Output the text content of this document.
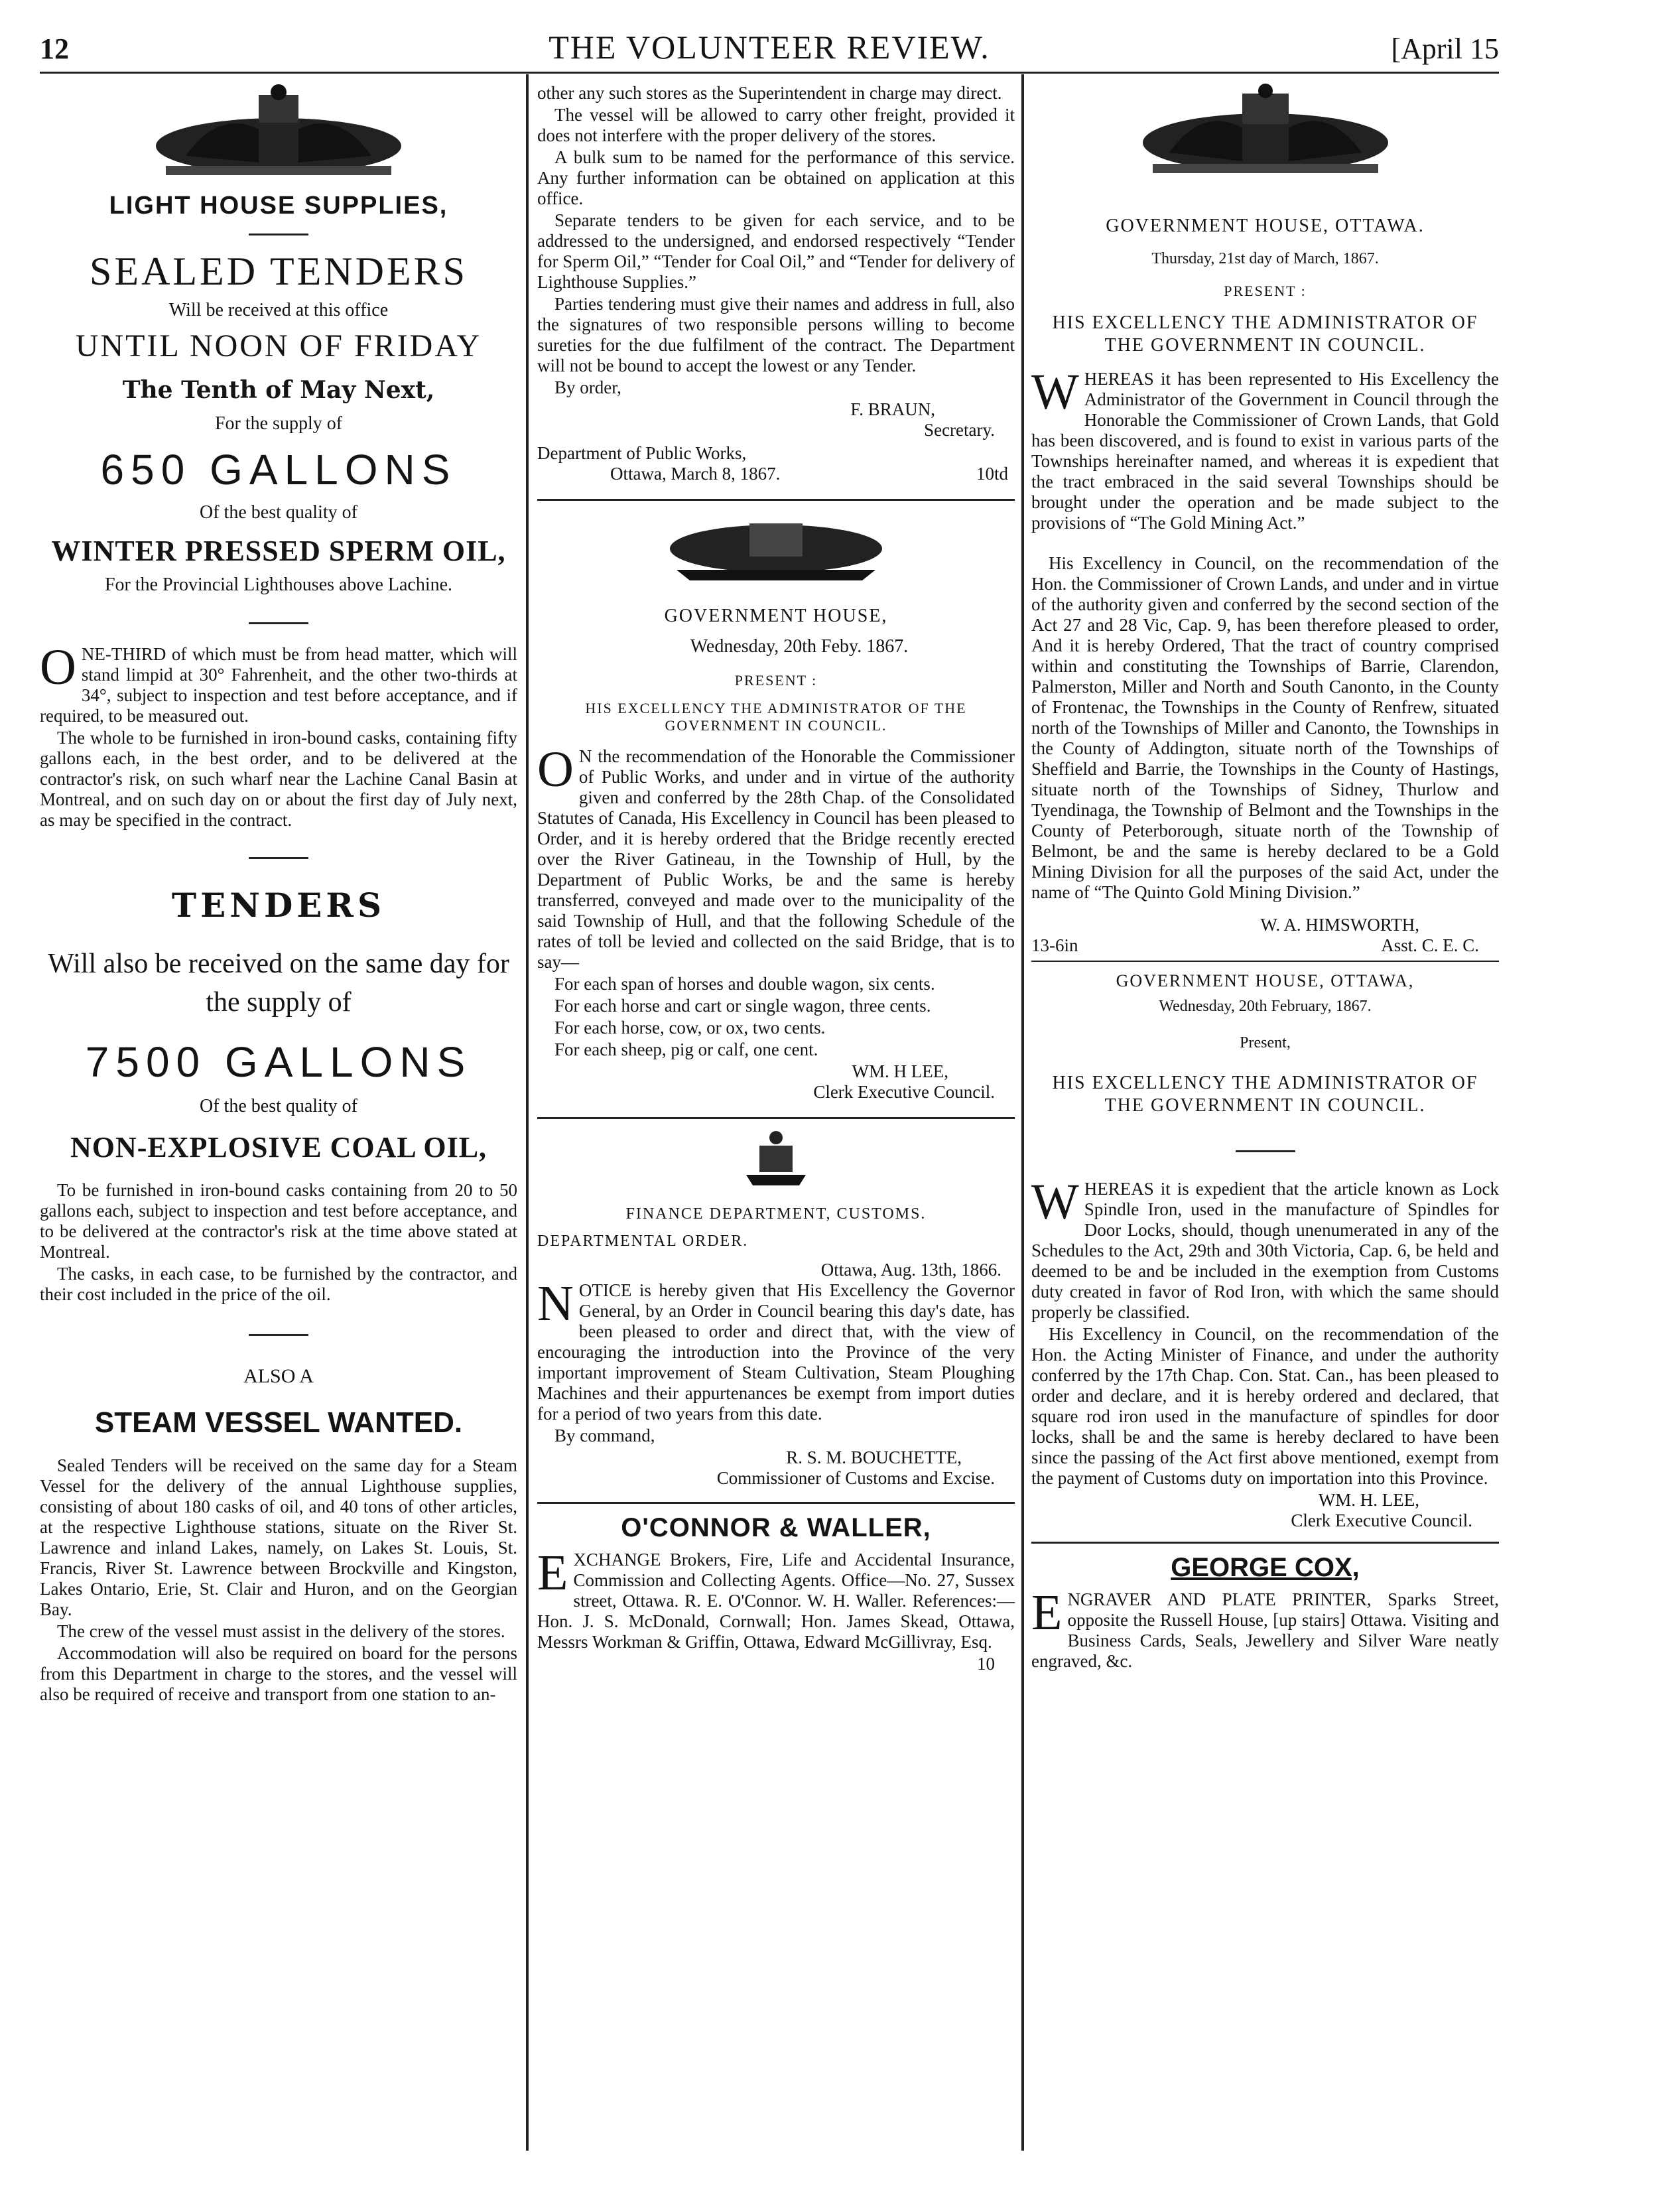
12	THE VOLUNTEER REVIEW.	[April 15
LIGHT HOUSE SUPPLIES,
SEALED TENDERS
Will be received at this office
UNTIL NOON OF FRIDAY
The Tenth of May Next,
For the supply of
650 GALLONS
Of the best quality of
WINTER PRESSED SPERM OIL,
For the Provincial Lighthouses above Lachine.

ONE-THIRD of which must be from head matter, which will stand limpid at 30° Fahrenheit, and the other two-thirds at 34°, subject to inspection and test before acceptance, and if required, to be measured out.

The whole to be furnished in iron-bound casks, containing fifty gallons each, in the best order, and to be delivered at the contractor's risk, on such wharf near the Lachine Canal Basin at Montreal, and on such day on or about the first day of July next, as may be specified in the contract.

TENDERS
Will also be received on the same day for the supply of
7500 GALLONS
Of the best quality of
NON-EXPLOSIVE COAL OIL,

To be furnished in iron-bound casks containing from 20 to 50 gallons each, subject to inspection and test before acceptance, and to be delivered at the contractor's risk at the time above stated at Montreal.

The casks, in each case, to be furnished by the contractor, and their cost included in the price of the oil.

ALSO A
STEAM VESSEL WANTED.

Sealed Tenders will be received on the same day for a Steam Vessel for the delivery of the annual Lighthouse supplies, consisting of about 180 casks of oil, and 40 tons of other articles, at the respective Lighthouse stations, situate on the River St. Lawrence and inland Lakes, namely, on Lakes St. Louis, St. Francis, River St. Lawrence between Brockville and Kingston, Lakes Ontario, Erie, St. Clair and Huron, and on the Georgian Bay.

The crew of the vessel must assist in the delivery of the stores.

Accommodation will also be required on board for the persons from this Department in charge to the stores, and the vessel will also be required of receive and transport from one station to an-

other any such stores as the Superintendent in charge may direct.

The vessel will be allowed to carry other freight, provided it does not interfere with the proper delivery of the stores.

A bulk sum to be named for the performance of this service. Any further information can be obtained on application at this office.

Separate tenders to be given for each service, and to be addressed to the undersigned, and endorsed respectively “Tender for Sperm Oil,” “Tender for Coal Oil,” and “Tender for delivery of Lighthouse Supplies.”

Parties tendering must give their names and address in full, also the signatures of two responsible persons willing to become sureties for the due fulfilment of the contract. The Department will not be bound to accept the lowest or any Tender.

By order,

F. BRAUN,
Secretary.
Department of Public Works,
Ottawa, March 8, 1867.	10td
GOVERNMENT HOUSE,
Wednesday, 20th Feby. 1867.
PRESENT :
HIS EXCELLENCY THE ADMINISTRATOR OF THE GOVERNMENT IN COUNCIL.

O N the recommendation of the Honorable the Commissioner of Public Works, and under and in virtue of the authority given and conferred by the 28th Chap. of the Consolidated Statutes of Canada, His Excellency in Council has been pleased to Order, and it is hereby ordered that the Bridge recently erected over the River Gatineau, in the Township of Hull, by the Department of Public Works, be and the same is hereby transferred, conveyed and made over to the municipality of the said Township of Hull, and that the following Schedule of the rates of toll be levied and collected on the said Bridge, that is to say—

For each span of horses and double wagon, six cents.

For each horse and cart or single wagon, three cents.

For each horse, cow, or ox, two cents.

For each sheep, pig or calf, one cent.

WM. H LEE,
Clerk Executive Council.
FINANCE DEPARTMENT, CUSTOMS.
DEPARTMENTAL ORDER.
Ottawa, Aug. 13th, 1866.

NOTICE is hereby given that His Excellency the Governor General, by an Order in Council bearing this day's date, has been pleased to order and direct that, with the view of encouraging the introduction into the Province of the very important improvement of Steam Cultivation, Steam Ploughing Machines and their appurtenances be exempt from import duties for a period of two years from this date.

By command,

R. S. M. BOUCHETTE,
Commissioner of Customs and Excise.
O'CONNOR & WALLER,

EXCHANGE Brokers, Fire, Life and Accidental Insurance, Commission and Collecting Agents. Office—No. 27, Sussex street, Ottawa. R. E. O'Connor. W. H. Waller. References:—Hon. J. S. McDonald, Cornwall; Hon. James Skead, Ottawa, Messrs Workman & Griffin, Ottawa, Edward McGillivray, Esq.

10
GOVERNMENT HOUSE, OTTAWA.
Thursday, 21st day of March, 1867.
PRESENT :
HIS EXCELLENCY THE ADMINISTRATOR OF THE GOVERNMENT IN COUNCIL.

WHEREAS it has been represented to His Excellency the Administrator of the Government in Council through the Honorable the Commissioner of Crown Lands, that Gold has been discovered, and is found to exist in various parts of the Townships hereinafter named, and whereas it is expedient that the tract embraced in the said several Townships should be brought under the operation and be made subject to the provisions of “The Gold Mining Act.”

His Excellency in Council, on the recommendation of the Hon. the Commissioner of Crown Lands, and under and in virtue of the authority given and conferred by the second section of the Act 27 and 28 Vic, Cap. 9, has been therefore pleased to order, And it is hereby Ordered, That the tract of country comprised within and constituting the Townships of Barrie, Clarendon, Palmerston, Miller and North and South Canonto, in the County of Frontenac, the Townships in the County of Renfrew, situated north of the Townships of Miller and Canonto, the Townships in the County of Addington, situate north of the Townships of Sheffield and Barrie, the Townships in the County of Hastings, situate north of the Townships of Sidney, Thurlow and Tyendinaga, the Township of Belmont and the Townships in the County of Peterborough, situate north of the Township of Belmont, be and the same is hereby declared to be a Gold Mining Division for all the purposes of the said Act, under the name of “The Quinto Gold Mining Division.”

W. A. HIMSWORTH,
13-6in	Asst. C. E. C.
GOVERNMENT HOUSE, OTTAWA,
Wednesday, 20th February, 1867.
Present,
HIS EXCELLENCY THE ADMINISTRATOR OF THE GOVERNMENT IN COUNCIL.

WHEREAS it is expedient that the article known as Lock Spindle Iron, used in the manufacture of Spindles for Door Locks, should, though unenumerated in any of the Schedules to the Act, 29th and 30th Victoria, Cap. 6, be held and deemed to be and be included in the exemption from Customs duty created in favor of Rod Iron, with which the same should properly be classified.

His Excellency in Council, on the recommendation of the Hon. the Acting Minister of Finance, and under the authority conferred by the 17th Chap. Con. Stat. Can., has been pleased to order and declare, and it is hereby ordered and declared, that square rod iron used in the manufacture of spindles for door locks, shall be and the same is hereby declared to have been since the passing of the Act first above mentioned, exempt from the payment of Customs duty on importation into this Province.

WM. H. LEE,
Clerk Executive Council.
GEORGE COX,

ENGRAVER AND PLATE PRINTER, Sparks Street, opposite the Russell House, [up stairs] Ottawa. Visiting and Business Cards, Seals, Jewellery and Silver Ware neatly engraved, &c.
